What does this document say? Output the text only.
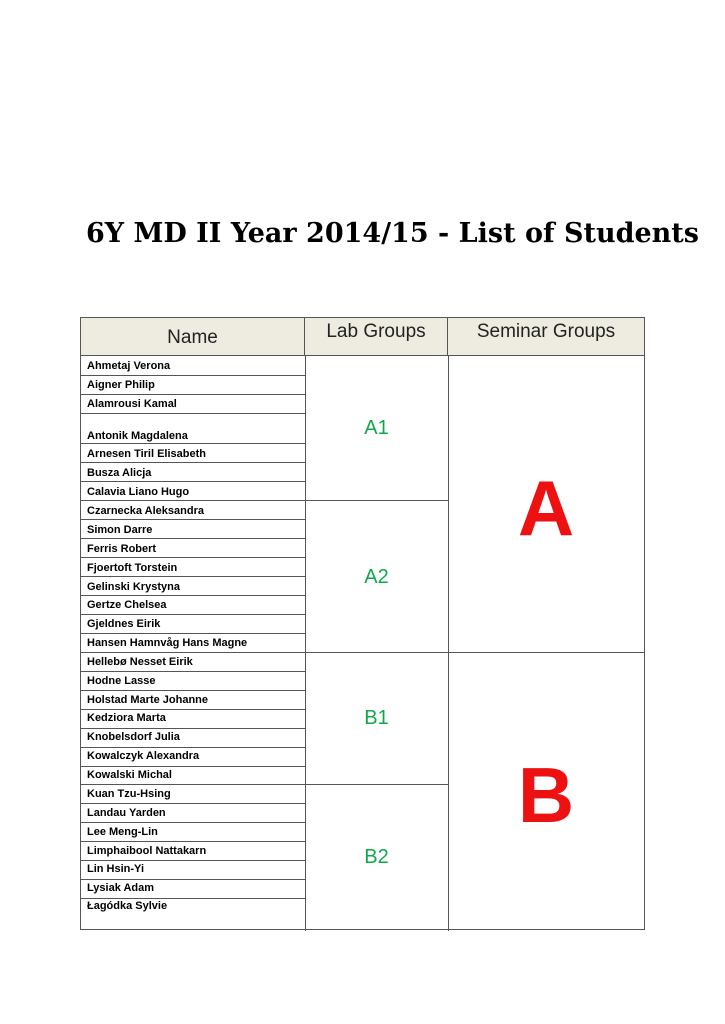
6Y MD II Year 2014/15 - List of Students
Name	Lab Groups	Seminar Groups
Ahmetaj Verona
Aigner Philip
Alamrousi Kamal
Antonik Magdalena
Arnesen Tiril Elisabeth
Busza Alicja
Calavia Liano Hugo
Czarnecka Aleksandra
Simon Darre
Ferris Robert
Fjoertoft Torstein
Gelinski Krystyna
Gertze Chelsea
Gjeldnes Eirik
Hansen Hamnvåg Hans Magne
Hellebø Nesset Eirik
Hodne Lasse
Holstad Marte Johanne
Kedziora Marta
Knobelsdorf Julia
Kowalczyk Alexandra
Kowalski Michal
Kuan Tzu-Hsing
Landau Yarden
Lee Meng-Lin
Limphaibool Nattakarn
Lin Hsin-Yi
Lysiak Adam
Łagódka Sylvie
A1
A2
B1
B2
A
B
